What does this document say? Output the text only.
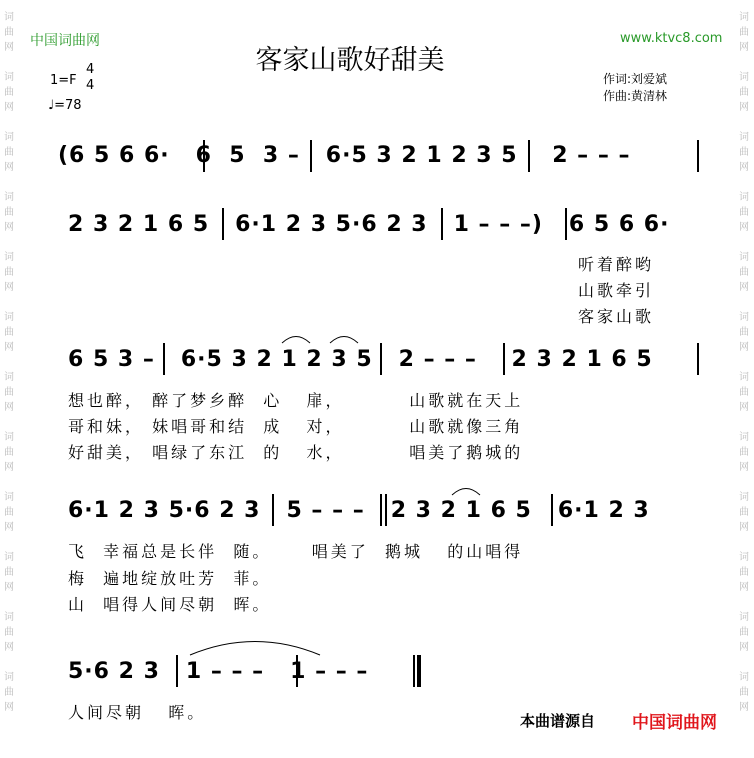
词
曲
网

词
曲
网

词
曲
网

词
曲
网

词
曲
网

词
曲
网

词
曲
网

词
曲
网

词
曲
网

词
曲
网

词
曲
网

词
曲
网
词
曲
网

词
曲
网

词
曲
网

词
曲
网

词
曲
网

词
曲
网

词
曲
网

词
曲
网

词
曲
网

词
曲
网

词
曲
网

词
曲
网
中国词曲网	www.ktvc8.com
客家山歌好甜美
1=F
4
4
♩=78
作词:刘爱斌
作曲:黄清林
(6 5 6 6·   6  5  3 –   6·5 3 2 1 2 3 5    2 – – –
2 3 2 1 6 5   6·1 2 3 5·6 2 3   1 – – –)   6 5 6 6·
听着醉哟
山歌牵引
客家山歌
6 5 3 –   6·5 3 2 1 2 3 5   2 – – –    2 3 2 1 6 5
想也醉， 醉了梦乡醉  心   扉，        山歌就在天上
哥和妹， 妹唱哥和结  成   对，        山歌就像三角
好甜美， 唱绿了东江  的   水，        唱美了鹅城的
6·1 2 3 5·6 2 3   5 – – –   2 3 2 1 6 5   6·1 2 3
飞  幸福总是长伴  随。     唱美了  鹅城   的山唱得
梅  遍地绽放吐芳  菲。
山  唱得人间尽朝  晖。
5·6 2 3   1 – – –   1 – – –
人间尽朝   晖。	本曲谱源自 中国词曲网
